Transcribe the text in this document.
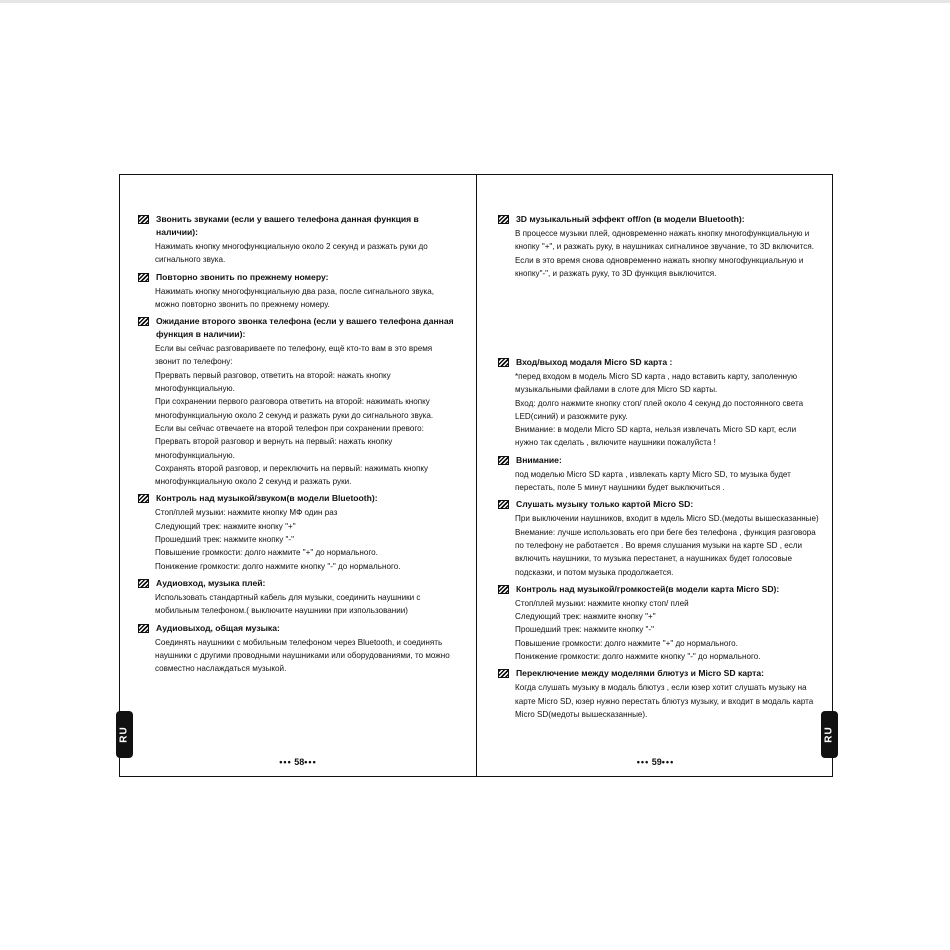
Звонить звуками (если у вашего телефона данная функция в наличии):
Нажимать кнопку многофункциальную около 2 секунд и разжать руки до сигнального звука.
Повторно звонить по прежнему номеру:
Нажимать кнопку многофункциальную два раза, после сигнального звука, можно повторно звонить по прежнему номеру.
Ожидание второго звонка телефона (если у вашего телефона данная функция в наличии):
Если вы сейчас разговариваете по телефону, ещё кто-то вам в это время звонит по телефону:
Прервать первый разговор, ответить на второй: нажать кнопку многофункциальную.
При сохранении первого разговора ответить на второй: нажимать кнопку многофункциальную около 2 секунд и разжать руки до сигнального звука.
Если вы сейчас отвечаете на второй телефон при сохранении превого:
Прервать второй разговор и вернуть на первый: нажать кнопку многофункциальную.
Сохранять второй разговор, и переключить на первый: нажимать кнопку многофункциальную около 2 секунд и разжать руки.
Контроль над музыкой/звуком(в модели Bluetooth):
Стоп/плей музыки: нажмите кнопку МФ один раз
Следующий трек: нажмите кнопку "+"
Прошедший трек: нажмите кнопку "-"
Повышение громкости: долго нажмите "+" до нормального.
Понижение громкости: долго нажмите кнопку "-" до нормального.
Аудиовход, музыка плей:
Использовать стандартный кабель для музыки, соединить наушники с мобильным телефоном.( выключите наушники при изпользовании)
Аудиовыход, общая музыка:
Соединять наушники с мобильным телефоном через Bluetooth, и соединять наушники с другими проводными наушниками или оборудованиями, то можно совместно наслаждаться музыкой.
RU
••• 58•••
3D музыкальный эффект off/on (в модели Bluetooth):
В процессе музыки плей, одновременно нажать кнопку многофункциальную и кнопку "+", и разжать руку, в наушниках сигналиное звучание, то 3D включится. Если в это время снова одновременно нажать кнопку многофункциальную и кнопку"-", и разжать руку, то 3D функция выключится.
Вход/выход модаля Micro SD карта :
*перед входом в модель Micro SD карта , надо вставить карту, заполенную музыкальными файлами в слоте для Micro SD карты.
Вход: долго нажмите кнопку стоп/ плей около 4 секунд до постоянного света LED(синий) и разожмите руку.
Внимание: в модели Micro SD карта, нельзя извлечать Micro SD карт, если нужно так сделать , включите наушники пожалуйста !
Внимание:
под моделью Micro SD карта , извлекать карту Micro SD, то музыка будет перестать, поле 5 минут наушники будет выключиться .
Слушать музыку только картой Micro SD:
При выключении наушников, входит в мдель Micro SD.(медоты вышесказанные)
Внемание: лучше использовать его при беге без телефона , функция разговора по телефону не работается . Во время слушания музыки на карте SD , если включить наушники, то музыка перестанет, а наушниках будет голосовые подсказки, и потом музыка продолжается.
Контроль над музыкой/громкостей(в модели карта Micro SD):
Стоп/плей музыки: нажмите кнопку стоп/ плей
Следующий трек: нажмите кнопку "+"
Прошедший трек: нажмите кнопку "-"
Повышение громкости: долго нажмите "+" до нормального.
Понижение громкости: долго нажмите кнопку "-" до нормального.
Переключение между моделями блютуз и Micro SD карта:
Когда слушать музыку в модаль блютуз , если юзер хотит слушать музыку на карте Micro SD, юзер нужно перестать блютуз музыку, и входит в модаль карта Micro SD(медоты вышесказанные).
RU
••• 59•••
